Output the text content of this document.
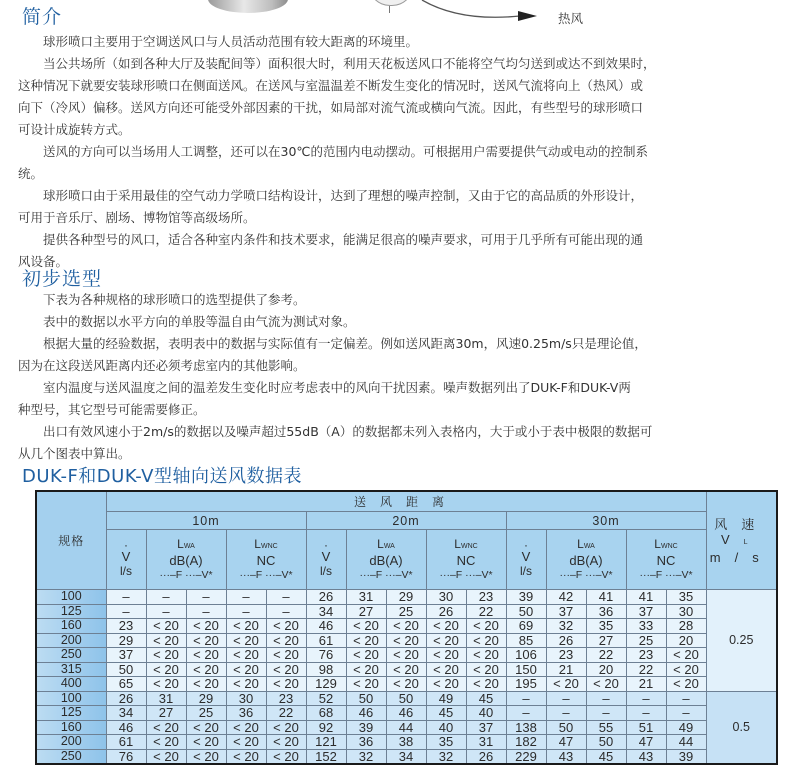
热风
简介

球形喷口主要用于空调送风口与人员活动范围有较大距离的环境里。

当公共场所（如到各种大厅及装配间等）面积很大时，利用天花板送风口不能将空气均匀送到或达不到效果时，

这种情况下就要安装球形喷口在侧面送风。在送风与室温温差不断发生变化的情况时，送风气流将向上（热风）或

向下（冷风）偏移。送风方向还可能受外部因素的干扰，如局部对流气流或横向气流。因此，有些型号的球形喷口

可设计成旋转方式。

送风的方向可以当场用人工调整，还可以在30℃的范围内电动摆动。可根据用户需要提供气动或电动的控制系

统。

球形喷口由于采用最佳的空气动力学喷口结构设计，达到了理想的噪声控制，又由于它的高品质的外形设计，

可用于音乐厅、剧场、博物馆等高级场所。

提供各种型号的风口，适合各种室内条件和技术要求，能满足很高的噪声要求，可用于几乎所有可能出现的通

风设备。

初步选型

下表为各种规格的球形喷口的选型提供了参考。

表中的数据以水平方向的单股等温自由气流为测试对象。

根据大量的经验数据，表明表中的数据与实际值有一定偏差。例如送风距离30m，风速0.25m/s只是理论值，

因为在这段送风距离内还必须考虑室内的其他影响。

室内温度与送风温度之间的温差发生变化时应考虑表中的风向干扰因素。噪声数据列出了DUK-F和DUK-V两

种型号，其它型号可能需要修正。

出口有效风速小于2m/s的数据以及噪声超过55dB（A）的数据都未列入表格内，大于或小于表中极限的数据可

从几个图表中算出。

DUK-F和DUK-V型轴向送风数据表
规格	送风距离															风速
VL
m/s

	10m					20m					30m					

	·
V
l/s	LWA
dB(A)
···–F ···–V*		LWNC
NC
···–F ···–V*		·
V
l/s	LWA
dB(A)
···–F ···–V*		LWNC
NC
···–F ···–V*		·
V
l/s	LWA
dB(A)
···–F ···–V*		LWNC
NC
···–F ···–V*		

100	–	–	–	–	–	26	31	29	30	23	39	42	41	41	35	0.25
125	–	–	–	–	–	34	27	25	26	22	50	37	36	37	30	
160	23	< 20	< 20	< 20	< 20	46	< 20	< 20	< 20	< 20	69	32	35	33	28	
200	29	< 20	< 20	< 20	< 20	61	< 20	< 20	< 20	< 20	85	26	27	25	20	
250	37	< 20	< 20	< 20	< 20	76	< 20	< 20	< 20	< 20	106	23	22	23	< 20	
315	50	< 20	< 20	< 20	< 20	98	< 20	< 20	< 20	< 20	150	21	20	22	< 20	
400	65	< 20	< 20	< 20	< 20	129	< 20	< 20	< 20	< 20	195	< 20	< 20	21	< 20	
100	26	31	29	30	23	52	50	50	49	45	–	–	–	–	–	0.5
125	34	27	25	36	22	68	46	46	45	40	–	–	–	–	–	
160	46	< 20	< 20	< 20	< 20	92	39	44	40	37	138	50	55	51	49	
200	61	< 20	< 20	< 20	< 20	121	36	38	35	31	182	47	50	47	44	
250	76	< 20	< 20	< 20	< 20	152	32	34	32	26	229	43	45	43	39	
